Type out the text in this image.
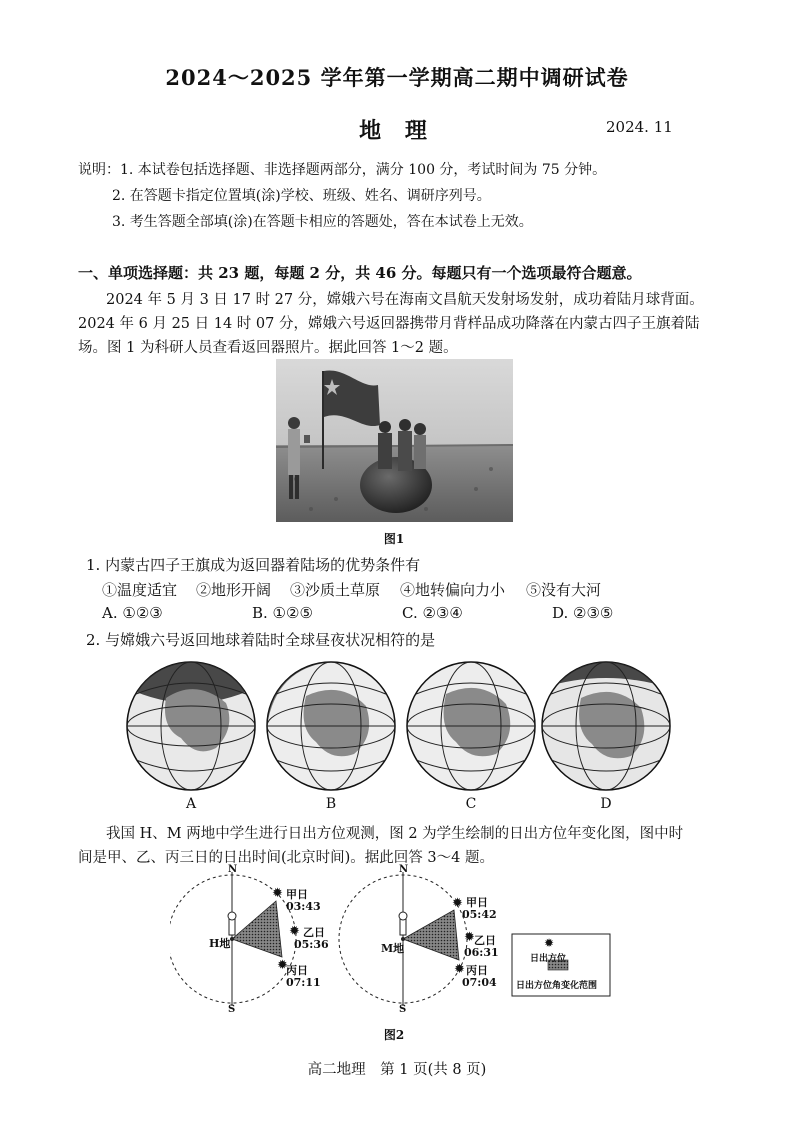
2024～2025 学年第一学期高二期中调研试卷
地 理	2024. 11
说明：1. 本试卷包括选择题、非选择题两部分，满分 100 分，考试时间为 75 分钟。
2. 在答题卡指定位置填(涂)学校、班级、姓名、调研序列号。
3. 考生答题全部填(涂)在答题卡相应的答题处，答在本试卷上无效。
一、单项选择题：共 23 题，每题 2 分，共 46 分。每题只有一个选项最符合题意。
2024 年 5 月 3 日 17 时 27 分，嫦娥六号在海南文昌航天发射场发射，成功着陆月球背面。
2024 年 6 月 25 日 14 时 07 分，嫦娥六号返回器携带月背样品成功降落在内蒙古四子王旗着陆
场。图 1 为科研人员查看返回器照片。据此回答 1～2 题。
图1
1. 内蒙古四子王旗成为返回器着陆场的优势条件有
①温度适宜 ②地形开阔 ③沙质土草原 ④地转偏向力小 ⑤没有大河
A. ①②③	B. ①②⑤	C. ②③④	D. ②③⑤
2. 与嫦娥六号返回地球着陆时全球昼夜状况相符的是
A	B	C	D
我国 H、M 两地中学生进行日出方位观测，图 2 为学生绘制的日出方位年变化图，图中时
间是甲、乙、丙三日的日出时间(北京时间)。据此回答 3～4 题。
N
S
N
S
H地	M地
✹ 甲日
03:43
✹ 乙日
05:36
✹
丙日
07:11
✹ 甲日
05:42
✹ 乙日
06:31
✹ 丙日
07:04
✹
日出方位
日出方位角变化范围
图2
高二地理　第 1 页(共 8 页)
